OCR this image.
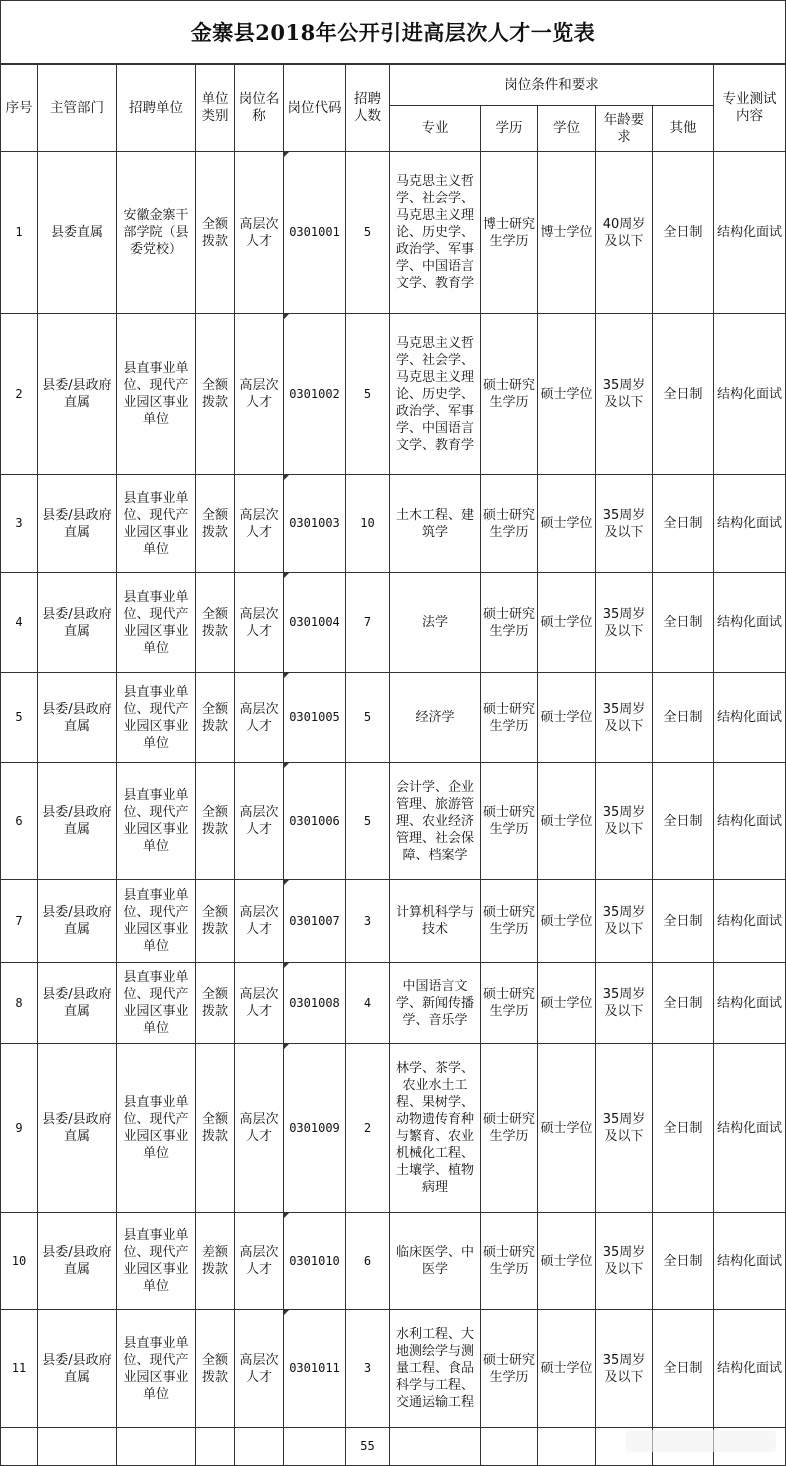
金寨县2018年公开引进高层次人才一览表
序号	主管部门	招聘单位	单位类别	岗位名称	岗位代码	招聘人数	岗位条件和要求					专业测试内容
							专业	学历	学位	年龄要求	其他	
1	县委直属	安徽金寨干部学院（县委党校）	全额拨款	高层次人才	0301001	5	马克思主义哲学、社会学、马克思主义理论、历史学、政治学、军事学、中国语言文学、教育学	博士研究生学历	博士学位	40周岁及以下	全日制	结构化面试
2	县委/县政府直属	县直事业单位、现代产业园区事业单位	全额拨款	高层次人才	0301002	5	马克思主义哲学、社会学、马克思主义理论、历史学、政治学、军事学、中国语言文学、教育学	硕士研究生学历	硕士学位	35周岁及以下	全日制	结构化面试
3	县委/县政府直属	县直事业单位、现代产业园区事业单位	全额拨款	高层次人才	0301003	10	土木工程、建筑学	硕士研究生学历	硕士学位	35周岁及以下	全日制	结构化面试
4	县委/县政府直属	县直事业单位、现代产业园区事业单位	全额拨款	高层次人才	0301004	7	法学	硕士研究生学历	硕士学位	35周岁及以下	全日制	结构化面试
5	县委/县政府直属	县直事业单位、现代产业园区事业单位	全额拨款	高层次人才	0301005	5	经济学	硕士研究生学历	硕士学位	35周岁及以下	全日制	结构化面试
6	县委/县政府直属	县直事业单位、现代产业园区事业单位	全额拨款	高层次人才	0301006	5	会计学、企业管理、旅游管理、农业经济管理、社会保障、档案学	硕士研究生学历	硕士学位	35周岁及以下	全日制	结构化面试
7	县委/县政府直属	县直事业单位、现代产业园区事业单位	全额拨款	高层次人才	0301007	3	计算机科学与技术	硕士研究生学历	硕士学位	35周岁及以下	全日制	结构化面试
8	县委/县政府直属	县直事业单位、现代产业园区事业单位	全额拨款	高层次人才	0301008	4	中国语言文学、新闻传播学、音乐学	硕士研究生学历	硕士学位	35周岁及以下	全日制	结构化面试
9	县委/县政府直属	县直事业单位、现代产业园区事业单位	全额拨款	高层次人才	0301009	2	林学、茶学、农业水土工程、果树学、动物遗传育种与繁育、农业机械化工程、土壤学、植物病理	硕士研究生学历	硕士学位	35周岁及以下	全日制	结构化面试
10	县委/县政府直属	县直事业单位、现代产业园区事业单位	差额拨款	高层次人才	0301010	6	临床医学、中医学	硕士研究生学历	硕士学位	35周岁及以下	全日制	结构化面试
11	县委/县政府直属	县直事业单位、现代产业园区事业单位	全额拨款	高层次人才	0301011	3	水利工程、大地测绘学与测量工程、食品科学与工程、交通运输工程	硕士研究生学历	硕士学位	35周岁及以下	全日制	结构化面试
						55						
